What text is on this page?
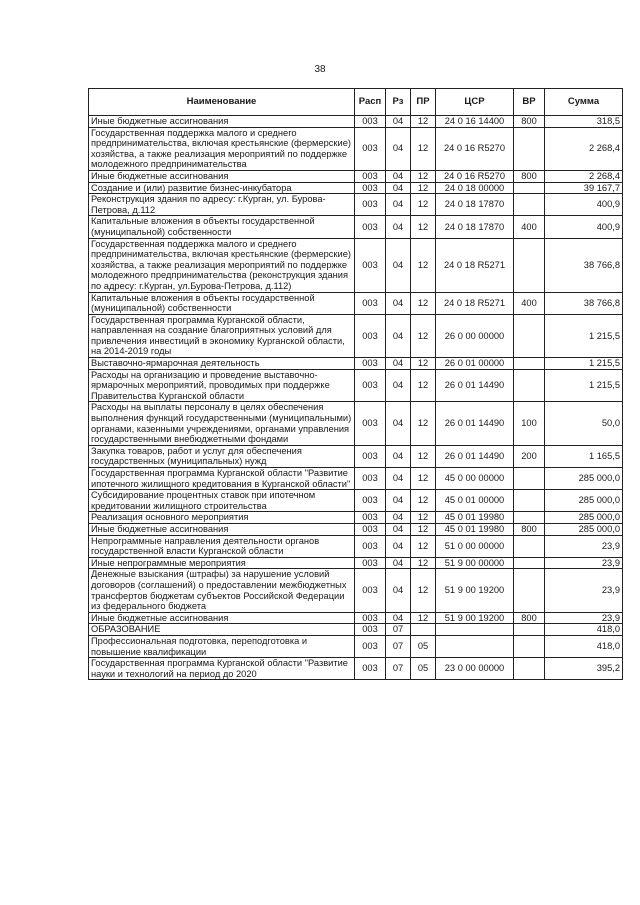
38
Наименование	Расп	Рз	ПР	ЦСР	ВР	Сумма
Иные бюджетные ассигнования	003	04	12	24 0 16 14400	800	318,5
Государственная поддержка малого и среднего предпринимательства, включая крестьянские (фермерские) хозяйства, а также реализация мероприятий по поддержке молодежного предпринимательства	003	04	12	24 0 16 R5270		2 268,4
Иные бюджетные ассигнования	003	04	12	24 0 16 R5270	800	2 268,4
Создание и (или) развитие бизнес-инкубатора	003	04	12	24 0 18 00000		39 167,7
Реконструкция здания по адресу: г.Курган, ул. Бурова-Петрова, д.112	003	04	12	24 0 18 17870		400,9
Капитальные вложения в объекты государственной (муниципальной) собственности	003	04	12	24 0 18 17870	400	400,9
Государственная поддержка малого и среднего предпринимательства, включая крестьянские (фермерские) хозяйства, а также реализация мероприятий по поддержке молодежного предпринимательства (реконструкция здания по адресу: г.Курган, ул.Бурова-Петрова, д.112)	003	04	12	24 0 18 R5271		38 766,8
Капитальные вложения в объекты государственной (муниципальной) собственности	003	04	12	24 0 18 R5271	400	38 766,8
Государственная программа Курганской области, направленная на создание благоприятных условий для привлечения инвестиций в экономику Курганской области, на 2014-2019 годы	003	04	12	26 0 00 00000		1 215,5
Выставочно-ярмарочная деятельность	003	04	12	26 0 01 00000		1 215,5
Расходы на организацию и проведение выставочно-ярмарочных мероприятий, проводимых при поддержке Правительства Курганской области	003	04	12	26 0 01 14490		1 215,5
Расходы на выплаты персоналу в целях обеспечения выполнения функций государственными (муниципальными) органами, казенными учреждениями, органами управления государственными внебюджетными фондами	003	04	12	26 0 01 14490	100	50,0
Закупка товаров, работ и услуг для обеспечения государственных (муниципальных) нужд	003	04	12	26 0 01 14490	200	1 165,5
Государственная программа Курганской области "Развитие ипотечного жилищного кредитования в Курганской области"	003	04	12	45 0 00 00000		285 000,0
Субсидирование процентных ставок при ипотечном кредитовании жилищного строительства	003	04	12	45 0 01 00000		285 000,0
Реализация основного мероприятия	003	04	12	45 0 01 19980		285 000,0
Иные бюджетные ассигнования	003	04	12	45 0 01 19980	800	285 000,0
Непрограммные направления деятельности органов государственной власти Курганской области	003	04	12	51 0 00 00000		23,9
Иные непрограммные мероприятия	003	04	12	51 9 00 00000		23,9
Денежные взыскания (штрафы) за нарушение условий договоров (соглашений) о предоставлении межбюджетных трансфертов бюджетам субъектов Российской Федерации из федерального бюджета	003	04	12	51 9 00 19200		23,9
Иные бюджетные ассигнования	003	04	12	51 9 00 19200	800	23,9
ОБРАЗОВАНИЕ	003	07				418,0
Профессиональная подготовка, переподготовка и повышение квалификации	003	07	05			418,0
Государственная программа Курганской области "Развитие науки и технологий на период до 2020	003	07	05	23 0 00 00000		395,2
